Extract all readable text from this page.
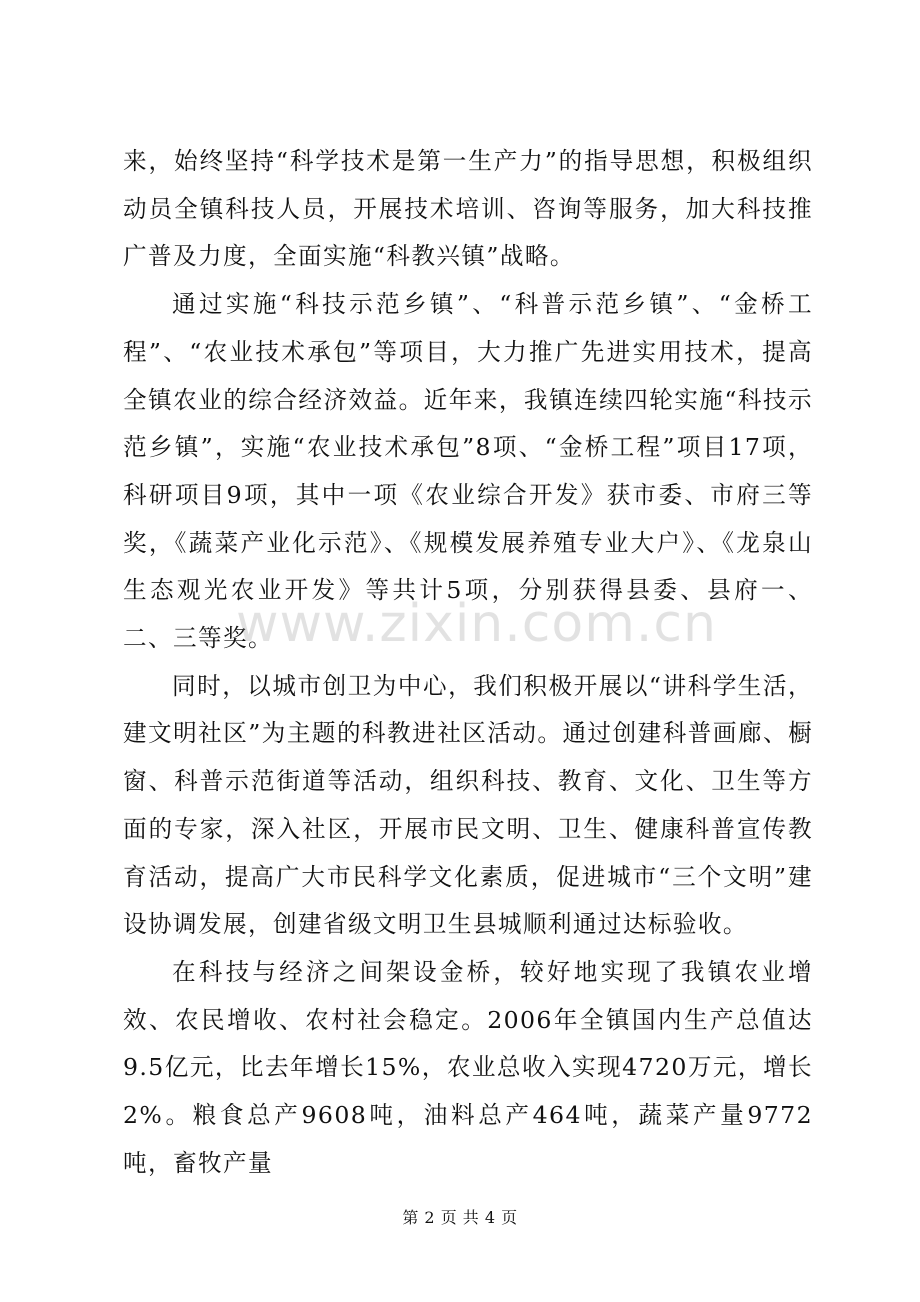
来，始终坚持“科学技术是第一生产力”的指导思想，积极组织动员全镇科技人员，开展技术培训、咨询等服务，加大科技推广普及力度，全面实施“科教兴镇”战略。

通过实施“科技示范乡镇”、“科普示范乡镇”、“金桥工程”、“农业技术承包”等项目，大力推广先进实用技术，提高全镇农业的综合经济效益。近年来，我镇连续四轮实施“科技示范乡镇”，实施“农业技术承包”8项、“金桥工程”项目17项，科研项目9项，其中一项《农业综合开发》获市委、市府三等奖，《蔬菜产业化示范》、《规模发展养殖专业大户》、《龙泉山生态观光农业开发》等共计5项，分别获得县委、县府一、二、三等奖。

同时，以城市创卫为中心，我们积极开展以“讲科学生活，建文明社区”为主题的科教进社区活动。通过创建科普画廊、橱窗、科普示范街道等活动，组织科技、教育、文化、卫生等方面的专家，深入社区，开展市民文明、卫生、健康科普宣传教育活动，提高广大市民科学文化素质，促进城市“三个文明”建设协调发展，创建省级文明卫生县城顺利通过达标验收。

在科技与经济之间架设金桥，较好地实现了我镇农业增效、农民增收、农村社会稳定。2006年全镇国内生产总值达9.5亿元，比去年增长15%，农业总收入实现4720万元，增长2%。粮食总产9608吨，油料总产464吨，蔬菜产量9772吨，畜牧产量

www.zixin.com.cn
第 2 页 共 4 页
